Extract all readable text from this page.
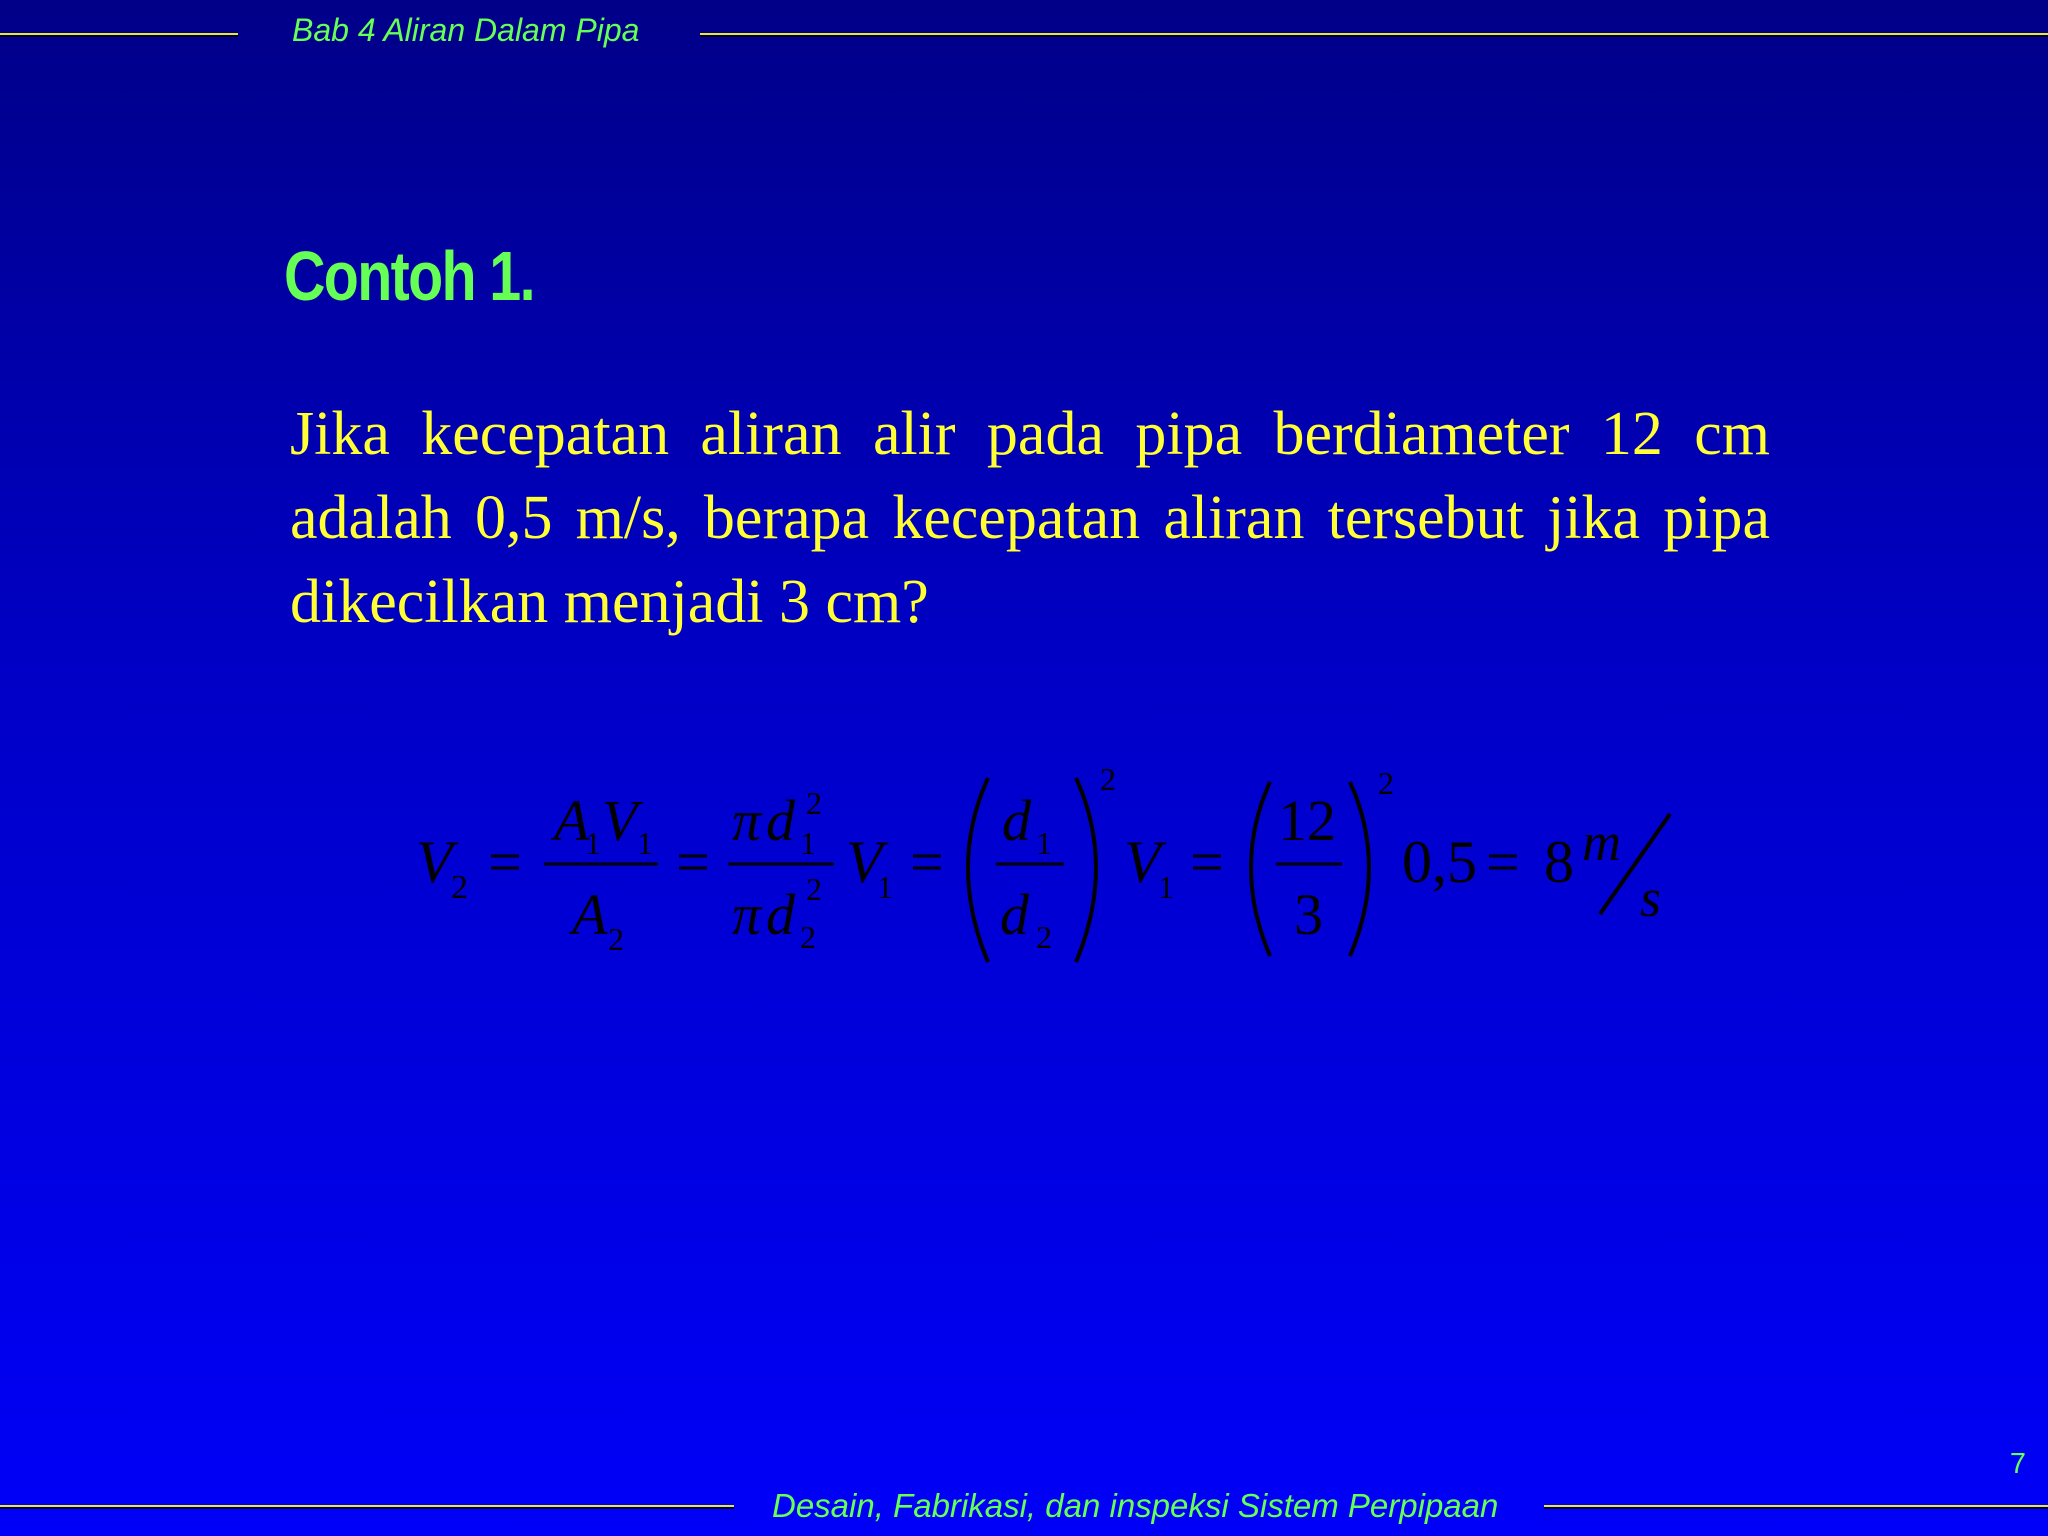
Bab 4 Aliran Dalam Pipa
Contoh 1.

Jika kecepatan aliran alir pada pipa berdiameter 12 cm adalah 0,5 m/s, berapa kecepatan aliran tersebut jika pipa dikecilkan menjadi 3 cm?

V
2 =
A
1 V 1
A 2
=
π d 2
1
π d 2
2
V
1 =
d 1
d 2
2
V
1 =
12
3
2
0,5 = 8 m
s
7
Desain, Fabrikasi, dan inspeksi Sistem Perpipaan
